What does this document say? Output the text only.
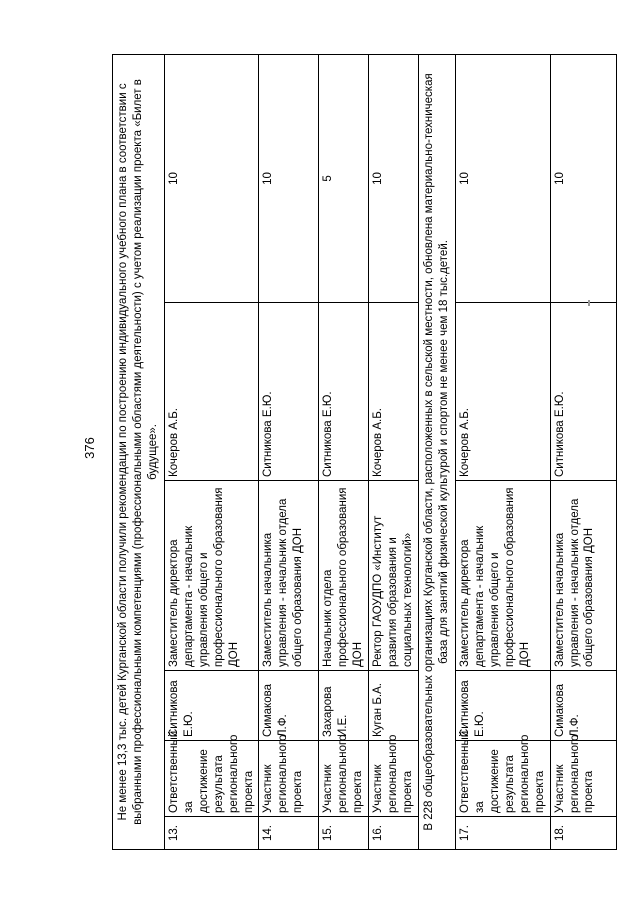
376 Не менее 13,3 тыс. детей Курганской области получили рекомендации по построению индивидуального учебного плана в соответствии с выбранными профессиональными компетенциями (профессиональными областями деятельности) с учетом реализации проекта «Билет в будущее».					
13.	Ответственный за достижение результата регионального проекта	Ситникова Е.Ю.	Заместитель директора департамента - начальник управления общего и профессионального образования ДОН	Кочеров А.Б.	10
14.	Участник регионального проекта	Симакова Л.Ф.	Заместитель начальника управления - начальник отдела общего образования ДОН	Ситникова Е.Ю.	10
15.	Участник регионального проекта	Захарова И.Е.	Начальник отдела профессионального образования ДОН	Ситникова Е.Ю.	5
16.	Участник регионального проекта	Куган Б.А.	Ректор ГАОУДПО «Институт развития образования и социальных технологий»	Кочеров А.Б.	10
В 228 общеобразовательных организациях Курганской области, расположенных в сельской местности, обновлена материально-техническая база для занятий физической культурой и спортом не менее чем 18 тыс.детей.					
17.	Ответственный за достижение результата регионального проекта	Ситникова Е.Ю.	Заместитель директора департамента - начальник управления общего и профессионального образования ДОН	Кочеров А.Б.	10
18.	Участник регионального проекта	Симакова Л.Ф.	Заместитель начальника управления - начальник отдела общего образования ДОН	Ситникова Е.Ю.	10
